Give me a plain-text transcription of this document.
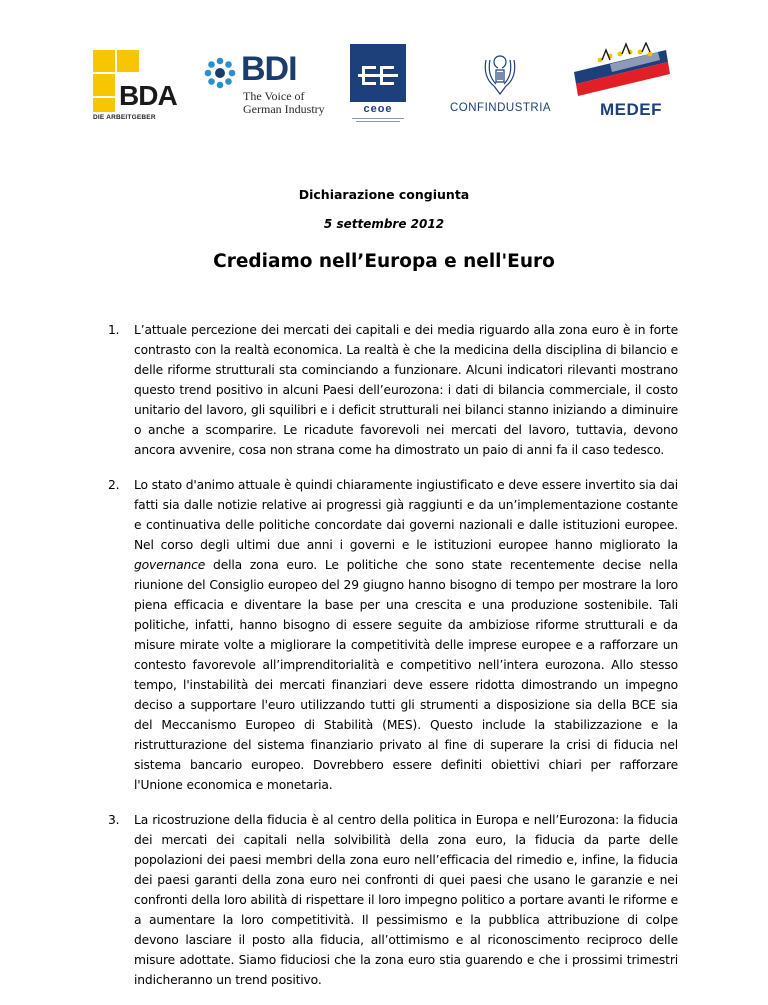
BDA
DIE ARBEITGEBER
BDI
The Voice of
German Industry	ceoe	CONFINDUSTRIA	MEDEF
Dichiarazione congiunta
5 settembre 2012
Crediamo nell’Europa e nell'Euro
1. L’attuale percezione dei mercati dei capitali e dei media riguardo alla zona euro è in forte contrasto con la realtà economica. La realtà è che la medicina della disciplina di bilancio e delle riforme strutturali sta cominciando a funzionare. Alcuni indicatori rilevanti mostrano questo trend positivo in alcuni Paesi dell’eurozona: i dati di bilancia commerciale, il costo unitario del lavoro, gli squilibri e i deficit strutturali nei bilanci stanno iniziando a diminuire o anche a scomparire. Le ricadute favorevoli nei mercati del lavoro, tuttavia, devono ancora avvenire, cosa non strana come ha dimostrato un paio di anni fa il caso tedesco.
2. Lo stato d'animo attuale è quindi chiaramente ingiustificato e deve essere invertito sia dai fatti sia dalle notizie relative ai progressi già raggiunti e da un’implementazione costante e continuativa delle politiche concordate dai governi nazionali e dalle istituzioni europee. Nel corso degli ultimi due anni i governi e le istituzioni europee hanno migliorato la governance della zona euro. Le politiche che sono state recentemente decise nella riunione del Consiglio europeo del 29 giugno hanno bisogno di tempo per mostrare la loro piena efficacia e diventare la base per una crescita e una produzione sostenibile. Tali politiche, infatti, hanno bisogno di essere seguite da ambiziose riforme strutturali e da misure mirate volte a migliorare la competitività delle imprese europee e a rafforzare un contesto favorevole all’imprenditorialità e competitivo nell’intera eurozona. Allo stesso tempo, l'instabilità dei mercati finanziari deve essere ridotta dimostrando un impegno deciso a supportare l'euro utilizzando tutti gli strumenti a disposizione sia della BCE sia del Meccanismo Europeo di Stabilità (MES). Questo include la stabilizzazione e la ristrutturazione del sistema finanziario privato al fine di superare la crisi di fiducia nel sistema bancario europeo. Dovrebbero essere definiti obiettivi chiari per rafforzare l'Unione economica e monetaria.
3. La ricostruzione della fiducia è al centro della politica in Europa e nell’Eurozona: la fiducia dei mercati dei capitali nella solvibilità della zona euro, la fiducia da parte delle popolazioni dei paesi membri della zona euro nell’efficacia del rimedio e, infine, la fiducia dei paesi garanti della zona euro nei confronti di quei paesi che usano le garanzie e nei confronti della loro abilità di rispettare il loro impegno politico a portare avanti le riforme e a aumentare la loro competitività. Il pessimismo e la pubblica attribuzione di colpe devono lasciare il posto alla fiducia, all’ottimismo e al riconoscimento reciproco delle misure adottate. Siamo fiduciosi che la zona euro stia guarendo e che i prossimi trimestri indicheranno un trend positivo.
